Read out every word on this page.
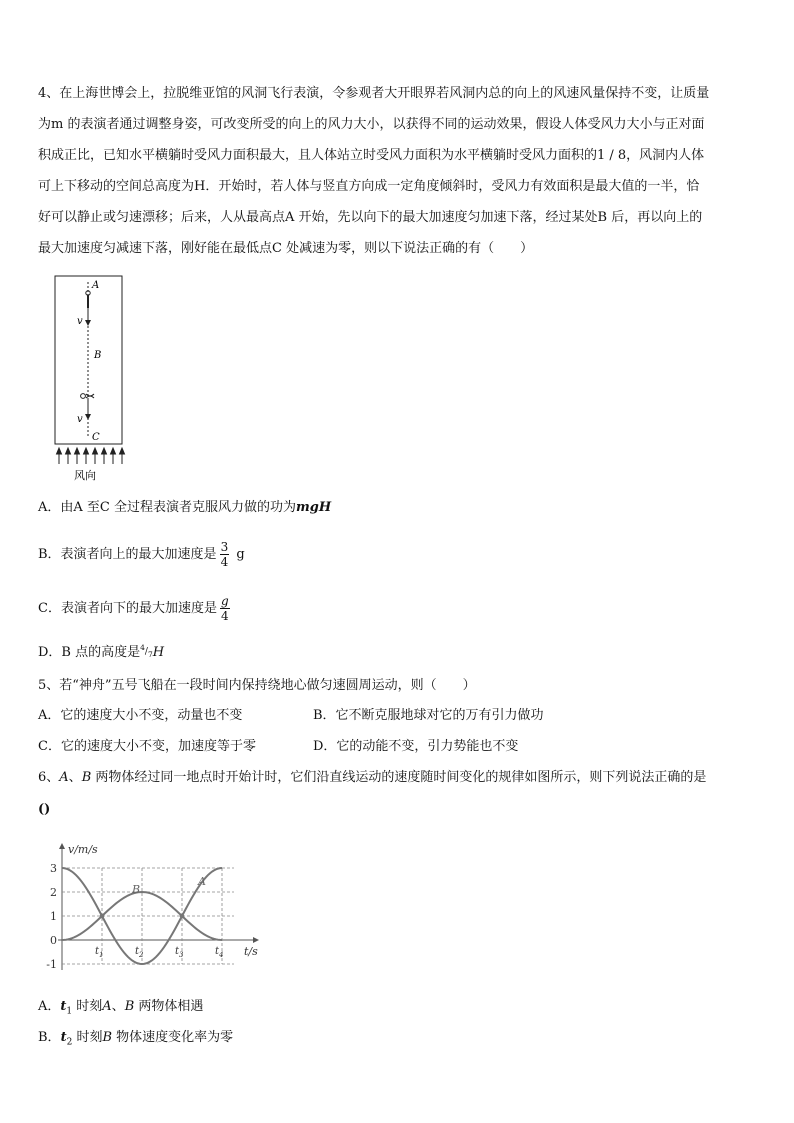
4、在上海世博会上，拉脱维亚馆的风洞飞行表演，令参观者大开眼界若风洞内总的向上的风速风量保持不变，让质量
为m 的表演者通过调整身姿，可改变所受的向上的风力大小，以获得不同的运动效果，假设人体受风力大小与正对面
积成正比，已知水平横躺时受风力面积最大，且人体站立时受风力面积为水平横躺时受风力面积的1 / 8，风洞内人体
可上下移动的空间总高度为H．开始时，若人体与竖直方向成一定角度倾斜时，受风力有效面积是最大值的一半，恰
好可以静止或匀速漂移；后来，人从最高点A 开始，先以向下的最大加速度匀加速下落，经过某处B 后，再以向上的
最大加速度匀减速下落，刚好能在最低点C 处减速为零，则以下说法正确的有（　　）
A
B
C
v
v
风向
A．由A 至C 全过程表演者克服风力做的功为mgH
B．表演者向上的最大加速度是 $\frac{3}{4}$ g
C．表演者向下的最大加速度是 $\frac{g}{4}$
D．B 点的高度是$^4/_7H$
5、若“神舟”五号飞船在一段时间内保持绕地心做匀速圆周运动，则（　　）
A．它的速度大小不变，动量也不变	B．它不断克服地球对它的万有引力做功
C．它的速度大小不变，加速度等于零	D．它的动能不变，引力势能也不变
6、A、B 两物体经过同一地点时开始计时，它们沿直线运动的速度随时间变化的规律如图所示，则下列说法正确的是
()
v/m/s
t/s
3
2
1
0
-1
$t_1$	$t_2$	$t_3$	$t_4$
A
B
A．$t_1$ 时刻A、B 两物体相遇
B．$t_2$ 时刻B 物体速度变化率为零
